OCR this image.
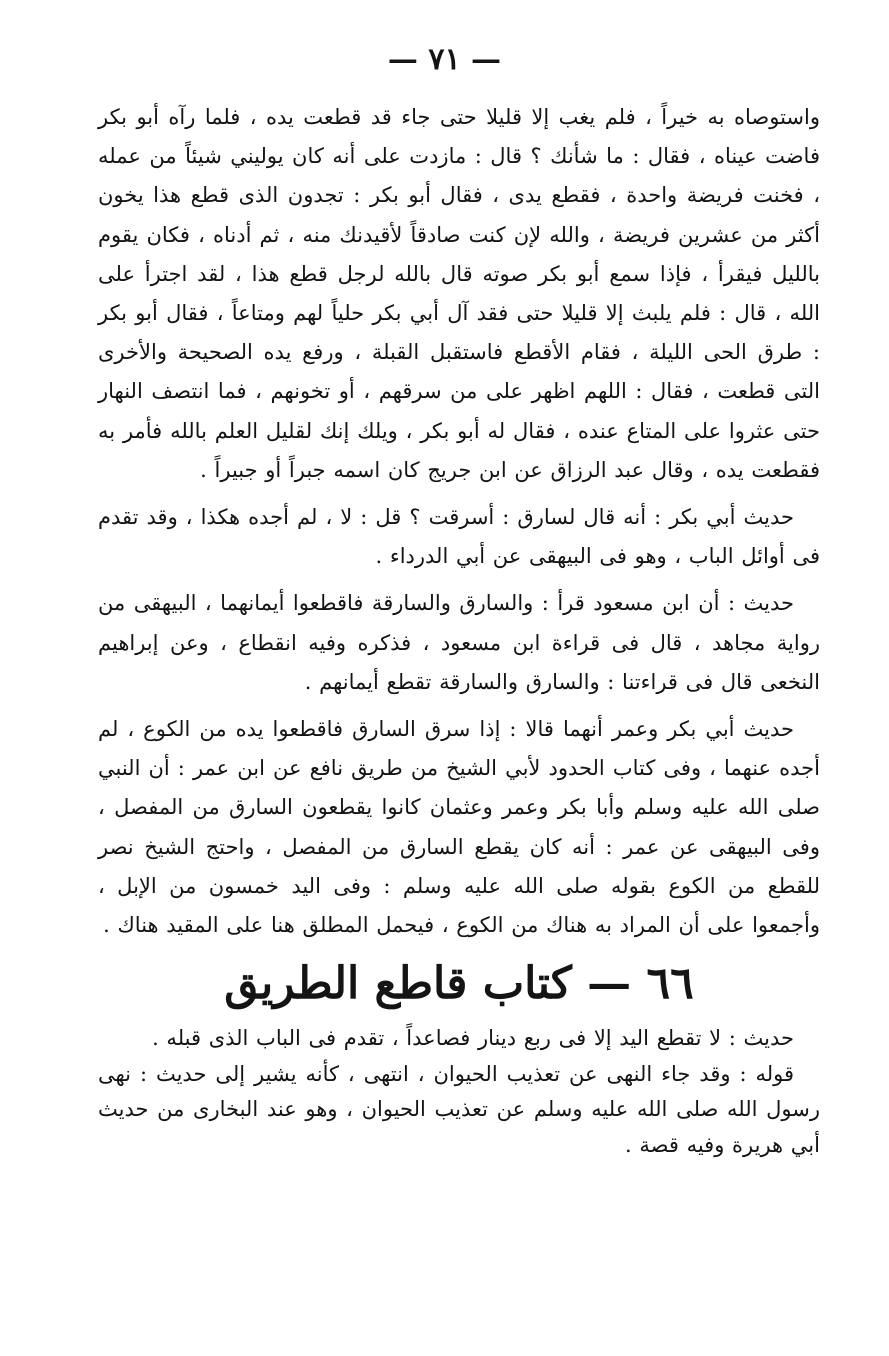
— ٧١ —

واستوصاه به خيراً ، فلم يغب إلا قليلا حتى جاء قد قطعت يده ، فلما رآه أبو بكر فاضت عيناه ، فقال : ما شأنك ؟ قال : مازدت على أنه كان يوليني شيئاً من عمله ، فخنت فريضة واحدة ، فقطع يدى ، فقال أبو بكر : تجدون الذى قطع هذا يخون أكثر من عشرين فريضة ، والله لإن كنت صادقاً لأقيدنك منه ، ثم أدناه ، فكان يقوم بالليل فيقرأ ، فإذا سمع أبو بكر صوته قال بالله لرجل قطع هذا ، لقد اجترأ على الله ، قال : فلم يلبث إلا قليلا حتى فقد آل أبي بكر حلياً لهم ومتاعاً ، فقال أبو بكر : طرق الحى الليلة ، فقام الأقطع فاستقبل القبلة ، ورفع يده الصحيحة والأخرى التى قطعت ، فقال : اللهم اظهر على من سرقهم ، أو تخونهم ، فما انتصف النهار حتى عثروا على المتاع عنده ، فقال له أبو بكر ، ويلك إنك لقليل العلم بالله فأمر به فقطعت يده ، وقال عبد الرزاق عن ابن جريج كان اسمه جبراً أو جبيراً .

حديث أبي بكر : أنه قال لسارق : أسرقت ؟ قل : لا ، لم أجده هكذا ، وقد تقدم فى أوائل الباب ، وهو فى البيهقى عن أبي الدرداء .

حديث : أن ابن مسعود قرأ : والسارق والسارقة فاقطعوا أيمانهما ، البيهقى من رواية مجاهد ، قال فى قراءة ابن مسعود ، فذكره وفيه انقطاع ، وعن إبراهيم النخعى قال فى قراءتنا : والسارق والسارقة تقطع أيمانهم .

حديث أبي بكر وعمر أنهما قالا : إذا سرق السارق فاقطعوا يده من الكوع ، لم أجده عنهما ، وفى كتاب الحدود لأبي الشيخ من طريق نافع عن ابن عمر : أن النبي صلى الله عليه وسلم وأبا بكر وعمر وعثمان كانوا يقطعون السارق من المفصل ، وفى البيهقى عن عمر : أنه كان يقطع السارق من المفصل ، واحتج الشيخ نصر للقطع من الكوع بقوله صلى الله عليه وسلم : وفى اليد خمسون من الإبل ، وأجمعوا على أن المراد به هناك من الكوع ، فيحمل المطلق هنا على المقيد هناك .

٦٦ — كتاب قاطع الطريق

حديث : لا تقطع اليد إلا فى ربع دينار فصاعداً ، تقدم فى الباب الذى قبله .

قوله : وقد جاء النهى عن تعذيب الحيوان ، انتهى ، كأنه يشير إلى حديث : نهى رسول الله صلى الله عليه وسلم عن تعذيب الحيوان ، وهو عند البخارى من حديث أبي هريرة وفيه قصة .
